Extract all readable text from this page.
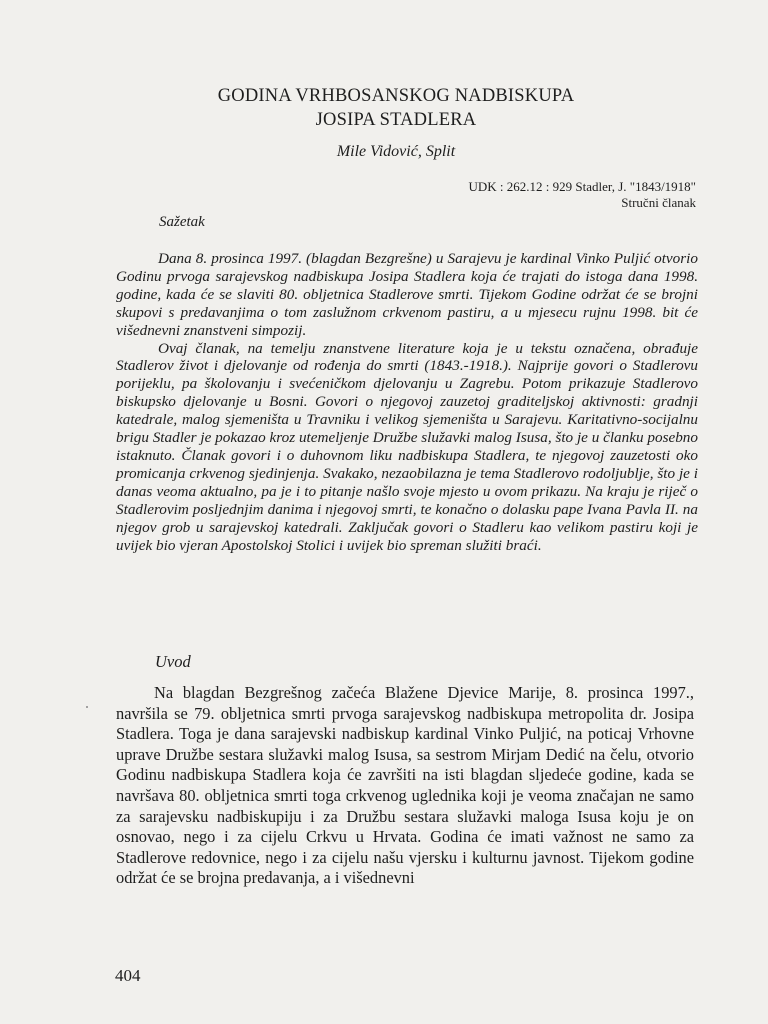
GODINA VRHBOSANSKOG NADBISKUPA
JOSIPA STADLERA
Mile Vidović, Split
UDK : 262.12 : 929 Stadler, J. "1843/1918"
Stručni članak
Sažetak

Dana 8. prosinca 1997. (blagdan Bezgrešne) u Sarajevu je kardinal Vinko Puljić otvorio Godinu prvoga sarajevskog nadbiskupa Josipa Stadlera koja će trajati do istoga dana 1998. godine, kada će se slaviti 80. obljetnica Stadlerove smrti. Tijekom Godine održat će se brojni skupovi s predavanjima o tom zaslužnom crkvenom pastiru, a u mjesecu rujnu 1998. bit će višednevni znanstveni simpozij.

Ovaj članak, na temelju znanstvene literature koja je u tekstu označena, obrađuje Stadlerov život i djelovanje od rođenja do smrti (1843.-1918.). Najprije govori o Stadlerovu porijeklu, pa školovanju i svećeničkom djelovanju u Zagrebu. Potom prikazuje Stadlerovo biskupsko djelovanje u Bosni. Govori o njegovoj zauzetoj graditeljskoj aktivnosti: gradnji katedrale, malog sjemeništa u Travniku i velikog sjemeništa u Sarajevu. Karitativno-socijalnu brigu Stadler je pokazao kroz utemeljenje Družbe služavki malog Isusa, što je u članku posebno istaknuto. Članak govori i o duhovnom liku nadbiskupa Stadlera, te njegovoj zauzetosti oko promicanja crkvenog sjedinjenja. Svakako, nezaobilazna je tema Stadlerovo rodoljublje, što je i danas veoma aktualno, pa je i to pitanje našlo svoje mjesto u ovom prikazu. Na kraju je riječ o Stadlerovim posljednjim danima i njegovoj smrti, te konačno o dolasku pape Ivana Pavla II. na njegov grob u sarajevskoj katedrali. Zaključak govori o Stadleru kao velikom pastiru koji je uvijek bio vjeran Apostolskoj Stolici i uvijek bio spreman služiti braći.

Uvod

Na blagdan Bezgrešnog začeća Blažene Djevice Marije, 8. prosinca 1997., navršila se 79. obljetnica smrti prvoga sarajevskog nadbiskupa metropolita dr. Josipa Stadlera. Toga je dana sarajevski nadbiskup kardinal Vinko Puljić, na poticaj Vrhovne uprave Družbe sestara služavki malog Isusa, sa sestrom Mirjam Dedić na čelu, otvorio Godinu nadbiskupa Stadlera koja će završiti na isti blagdan sljedeće godine, kada se navršava 80. obljetnica smrti toga crkvenog uglednika koji je veoma značajan ne samo za sarajevsku nadbiskupiju i za Družbu sestara služavki maloga Isusa koju je on osnovao, nego i za cijelu Crkvu u Hrvata. Godina će imati važnost ne samo za Stadlerove redovnice, nego i za cijelu našu vjersku i kulturnu javnost. Tijekom godine održat će se brojna predavanja, a i višednevni

404
